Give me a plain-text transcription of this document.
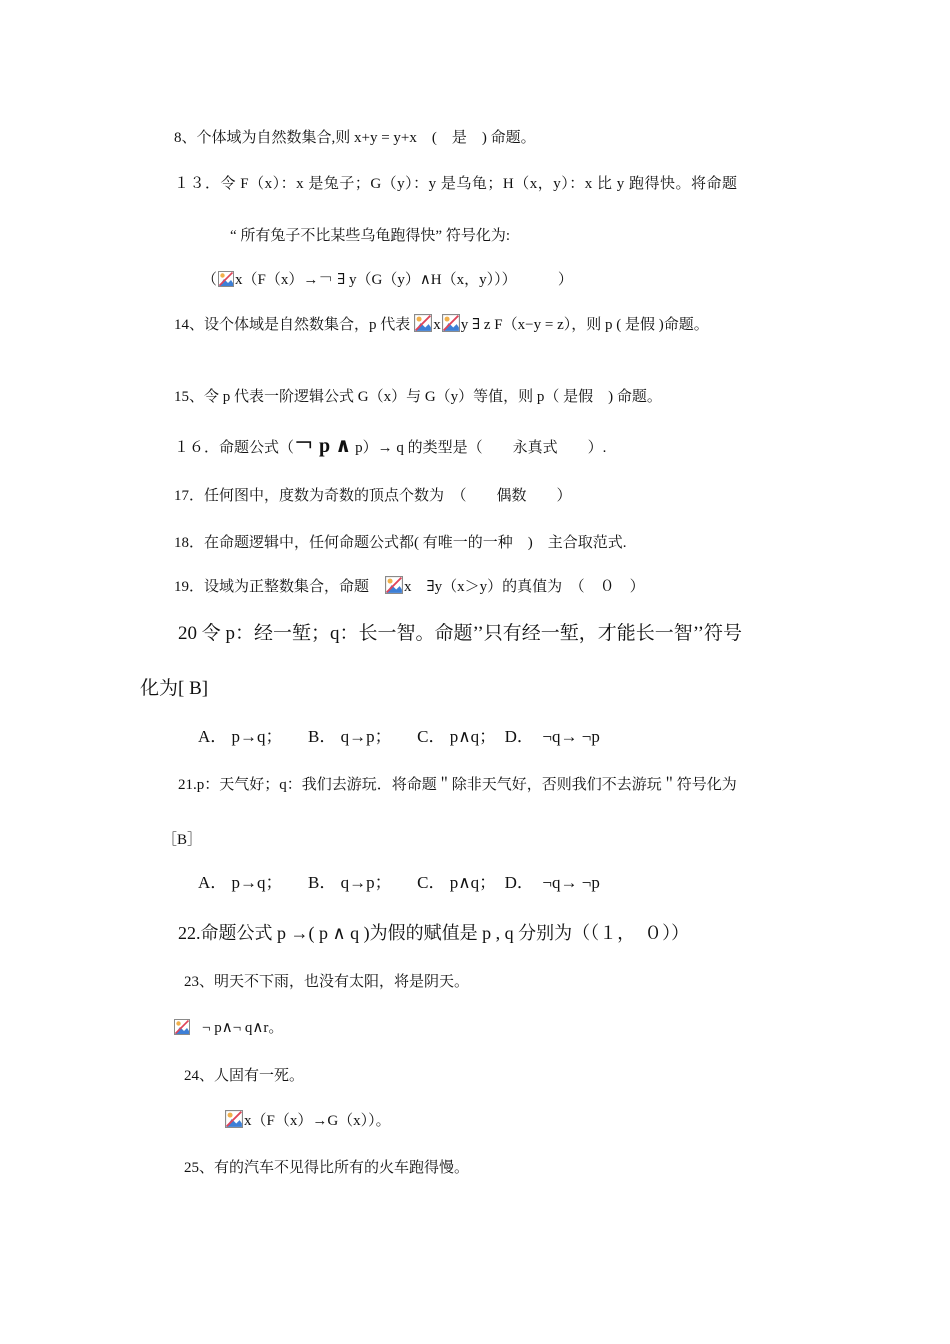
8、个体域为自然数集合,则 x+y = y+x　(　是　) 命题。
１３．令 F（x）：x 是兔子；G（y）：y 是乌龟；H（x，y）：x 比 y 跑得快。将命题
“ 所有兔子不比某些乌龟跑得快” 符号化为:
（ x（F（x）→￢ ∃ y（G（y）∧H（x，y）））　　　 ）
14、设个体域是自然数集合，p 代表 x y ∃ z F（x−y = z），则 p ( 是假 )命题。
15、令 p 代表一阶逻辑公式 G（x）与 G（y）等值，则 p（ 是假　) 命题。
１６．命题公式（￢ p ∧ p）→ q 的类型是（　　永真式　　）.
17．任何图中，度数为奇数的顶点个数为　（　　偶数　　）
18．在命题逻辑中，任何命题公式都( 有唯一的一种　)　主合取范式.
19．设域为正整数集合，命题　x　∃y（x＞y）的真值为　（　０　）
20 令 p：经一堑；q：长一智。命题’’只有经一堑，才能长一智’’符号
化为[ B]
A． p→q；　　B． q→p；　　C． p∧q；　D．　¬q→ ¬p
21.p：天气好；q：我们去游玩．将命题＂除非天气好，否则我们不去游玩＂符号化为
［B］
A． p→q；　　B． q→p；　　C． p∧q；　D．　¬q→ ¬p
22.命题公式 p →( p ∧ q )为假的赋值是 p , q 分别为（（１，　０））
23、明天不下雨，也没有太阳，将是阴天。
¬ p∧¬ q∧r。
24、人固有一死。
x（F（x）→G（x））。
25、有的汽车不见得比所有的火车跑得慢。
